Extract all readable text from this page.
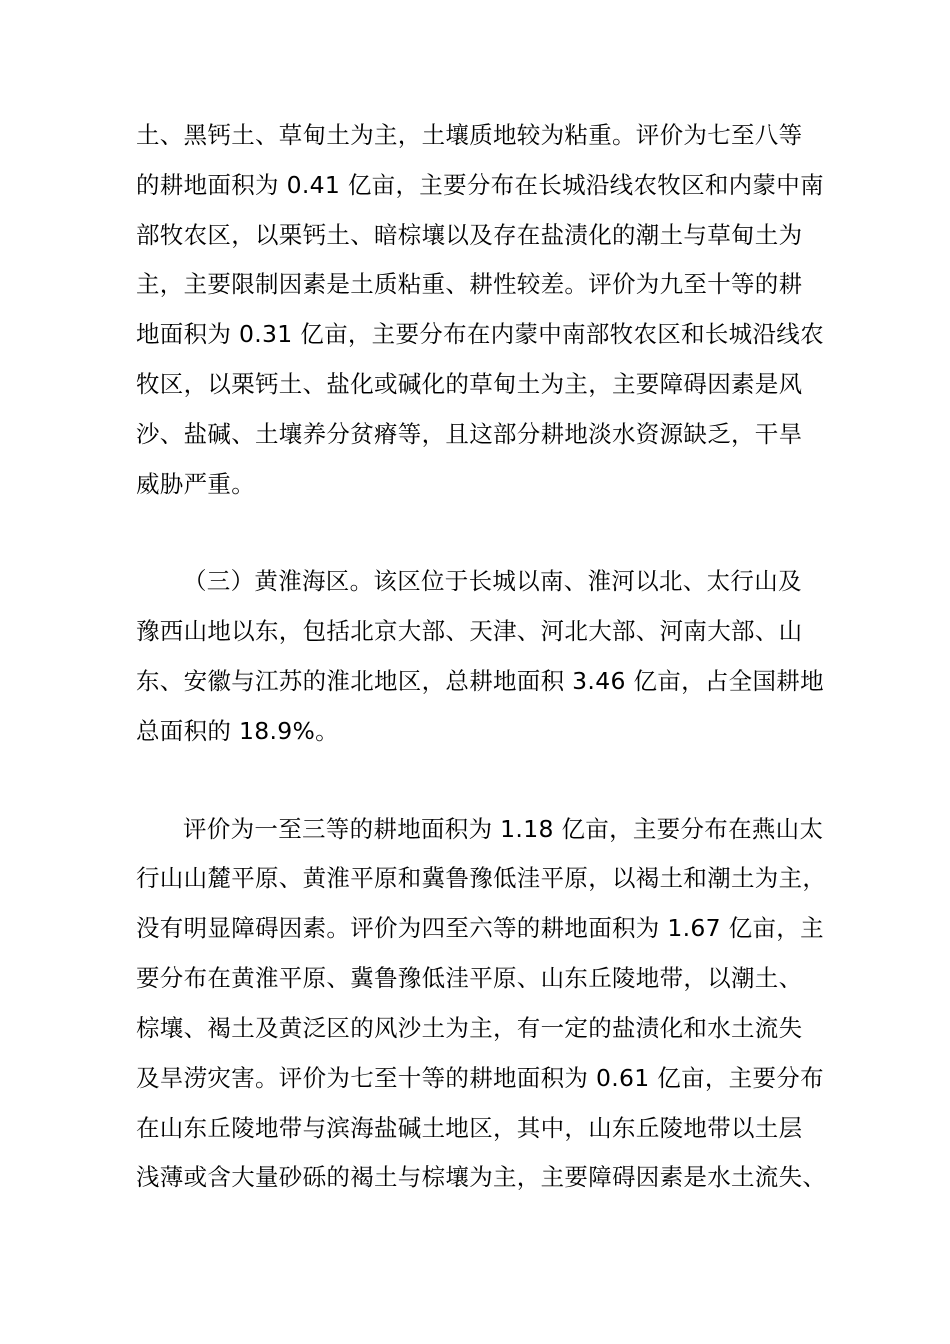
土、黑钙土、草甸土为主，土壤质地较为粘重。评价为七至八等
的耕地面积为 0.41 亿亩，主要分布在长城沿线农牧区和内蒙中南
部牧农区，以栗钙土、暗棕壤以及存在盐渍化的潮土与草甸土为
主，主要限制因素是土质粘重、耕性较差。评价为九至十等的耕
地面积为 0.31 亿亩，主要分布在内蒙中南部牧农区和长城沿线农
牧区，以栗钙土、盐化或碱化的草甸土为主，主要障碍因素是风
沙、盐碱、土壤养分贫瘠等，且这部分耕地淡水资源缺乏，干旱
威胁严重。
（三）黄淮海区。该区位于长城以南、淮河以北、太行山及
豫西山地以东，包括北京大部、天津、河北大部、河南大部、山
东、安徽与江苏的淮北地区，总耕地面积 3.46 亿亩，占全国耕地
总面积的 18.9%。
评价为一至三等的耕地面积为 1.18 亿亩，主要分布在燕山太
行山山麓平原、黄淮平原和冀鲁豫低洼平原，以褐土和潮土为主，
没有明显障碍因素。评价为四至六等的耕地面积为 1.67 亿亩，主
要分布在黄淮平原、冀鲁豫低洼平原、山东丘陵地带，以潮土、
棕壤、褐土及黄泛区的风沙土为主，有一定的盐渍化和水土流失
及旱涝灾害。评价为七至十等的耕地面积为 0.61 亿亩，主要分布
在山东丘陵地带与滨海盐碱土地区，其中，山东丘陵地带以土层
浅薄或含大量砂砾的褐土与棕壤为主，主要障碍因素是水土流失、
